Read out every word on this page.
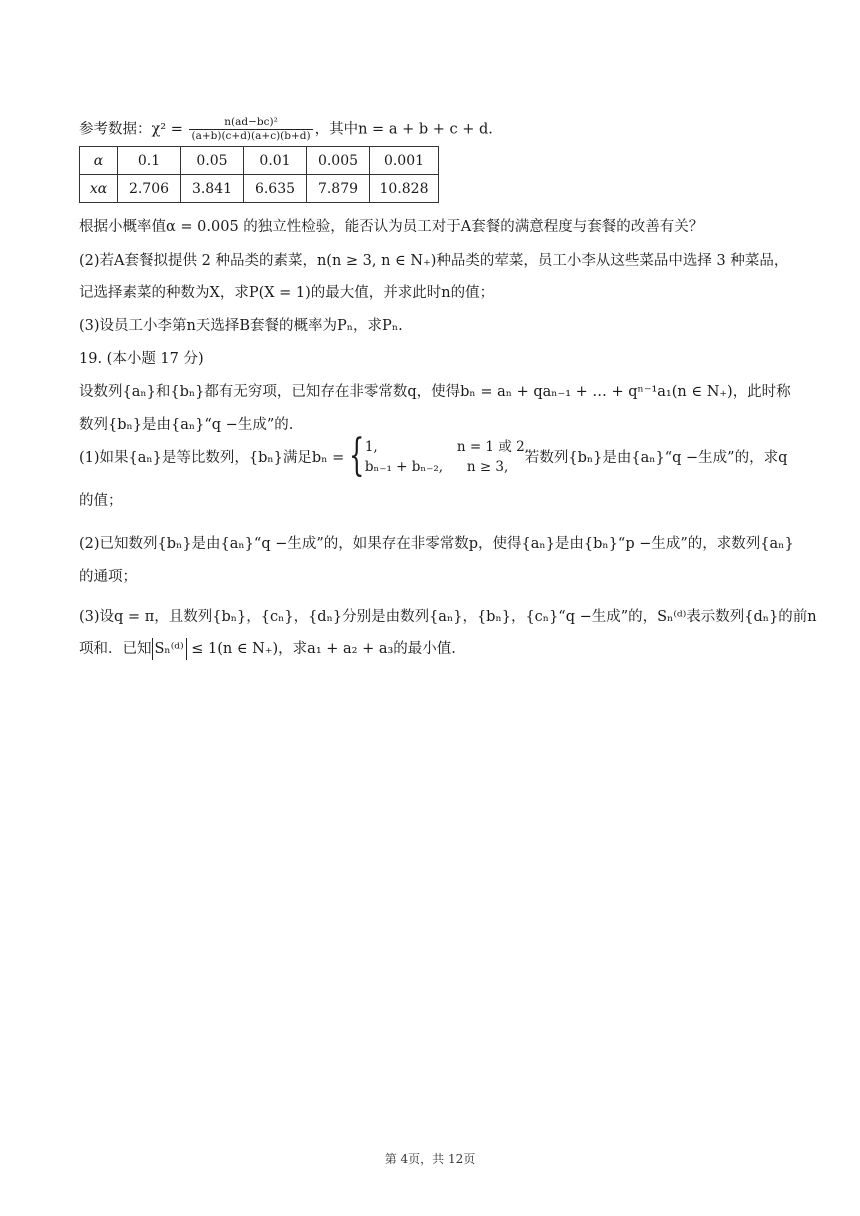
参考数据：$\chi^2 = \frac{\text{n(ad−bc)²}}{(a+b)(c+d)(a+c)(b+d)}$ ，其中n = a + b + c + d.
α	0.1	0.05	0.01	0.005	0.001
xα	2.706	3.841	6.635	7.879	10.828
根据小概率值α = 0.005 的独立性检验，能否认为员工对于A套餐的满意程度与套餐的改善有关？
(2)若A套餐拟提供 2 种品类的素菜，n(n ≥ 3, n ∈ N₊)种品类的荤菜，员工小李从这些菜品中选择 3 种菜品，
记选择素菜的种数为X，求P(X = 1)的最大值，并求此时n的值；
(3)设员工小李第n天选择B套餐的概率为Pₙ，求Pₙ.
19. (本小题 17 分)
设数列{aₙ}和{bₙ}都有无穷项，已知存在非零常数q，使得bₙ = aₙ + qaₙ₋₁ + … + qⁿ⁻¹a₁(n ∈ N₊)，此时称
数列{bₙ}是由{aₙ}“q −生成”的.
(1)如果{aₙ}是等比数列，{bₙ}满足bₙ = { 1,	n = 1 或 2,
bₙ₋₁ + bₙ₋₂, n ≥ 3,
若数列{bₙ}是由{aₙ}“q −生成”的，求q
的值；
(2)已知数列{bₙ}是由{aₙ}“q −生成”的，如果存在非零常数p，使得{aₙ}是由{bₙ}“p −生成”的，求数列{aₙ}
的通项；
(3)设q = π，且数列{bₙ}，{cₙ}，{dₙ}分别是由数列{aₙ}，{bₙ}，{cₙ}“q −生成”的，Sₙ⁽ᵈ⁾表示数列{dₙ}的前n
项和．已知 Sₙ⁽ᵈ⁾ ≤ 1(n ∈ N₊)，求a₁ + a₂ + a₃的最小值.
第 4页，共 12页
